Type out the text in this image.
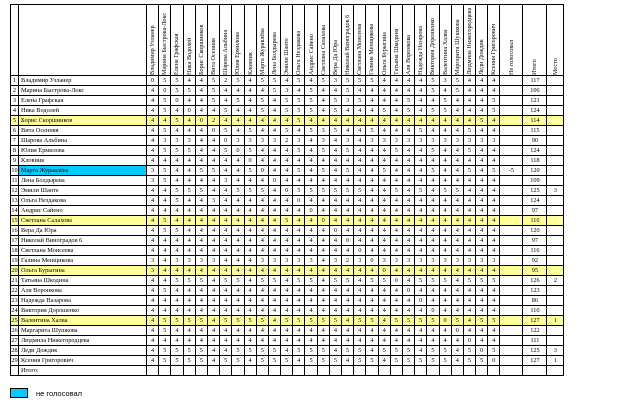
		Владимир Узланер	Марина Быстрова-Локс	Елена Графская	Ника Водолей	Борис Скоршинков	Вита Осенняя	Шарова Альбина	Юлия Ермилова	Кловник	Марта Журавлёва	Лена Болдырева	Эмили Шанте	Ольга Нездакова	Андрис Сайено	Светлана Салахова	Вера Да Юра	Николай Виноградов 6	Светлана Моисеева	Галина Менщикова	Ольга Бурыгина	Татьяна Шкодина	Аля Воронкова	Надежда Назарова	Виктория Дорошенко	Валентина Халва	Маргарита Шушкова	Людмила Нижегородцева	Леди Дождик	Ксения Григорович	Не голосовал	Итого	Место

1	Владимир Узланер	0	5	5	4	4	5	2	5	4	5	5	4	5	4	5	3	5	5	5	4	4	4	4	5	3	5	4	4	4		117	
2	Марина Быстрова-Локс	4	0	5	5	4	5	4	4	4	4	5	3	4	5	4	4	5	4	4	4	4	4	4	5	4	5	4	4	4		106	
3	Елена Графская	4	5	0	4	4	5	4	5	4	5	4	5	5	5	4	5	3	5	4	4	4	5	4	4	5	4	4	4	5		121	
4	Ника Водолей	4	5	4	0	4	4	5	4	4	5	4	5	5	5	4	5	4	4	4	5	4	5	4	5	5	4	4	4	5		124	
5	Борис Скоршинков	4	4	5	4	0	2	4	4	4	4	4	4	5	4	4	4	4	4	4	4	4	4	4	4	4	4	4	5	4		114	
6	Вита Осенняя	4	5	4	4	4	0	5	4	5	4	4	5	4	5	3	5	4	4	5	4	4	4	5	4	4	4	5	4	4		115	
7	Шарова Альбина	4	3	3	3	4	4	0	3	3	3	3	2	3	4	3	4	3	4	3	3	3	3	3	3	3	3	3	3	3		90	
8	Юлия Ермилова	4	5	5	5	4	4	5	0	5	4	4	4	5	4	5	4	5	4	4	4	5	4	4	5	4	4	5	4	4		124	
9	Кловник	4	4	4	4	4	4	4	4	0	4	4	4	4	4	4	4	4	4	4	4	4	4	4	4	4	4	4	4	4		118	
10	Марта Журавлёва	3	5	4	4	5	5	4	4	5	0	4	4	5	4	5	4	5	4	4	5	4	4	4	5	4	4	5	4	5	-5	120	
11	Лена Болдырева	3	5	4	4	4	4	3	4	4	4	0	4	4	4	4	4	4	4	4	4	4	4	4	4	4	4	4	4	4		109	
12	Эмили Шанте	4	4	5	5	5	4	4	5	5	5	4	0	5	5	5	5	5	5	4	4	5	4	5	4	5	5	4	4	4		125	3
13	Ольга Нездакова	4	4	5	4	4	3	4	4	4	4	4	4	0	4	4	4	4	4	4	4	4	4	4	4	4	4	4	4	4		124	
14	Андрис Сайено	4	4	4	4	4	4	4	4	4	4	4	4	4	0	4	4	4	4	4	4	4	4	4	4	4	4	4	4	4		97	
15	Светлана Салахова	4	5	4	4	4	4	4	4	4	4	4	5	4	4	0	4	4	4	4	4	4	4	4	4	4	4	4	4	4		116	
16	Вера Да Юра	4	5	5	4	4	4	4	4	4	4	4	4	4	4	4	0	4	4	4	4	4	4	4	4	4	4	4	4	4		120	
17	Николай Виноградов 6	4	4	4	4	4	4	4	4	4	4	4	4	4	4	4	4	0	4	4	4	4	4	4	4	4	4	4	4	4		97	
18	Светлана Моисеева	4	4	4	4	4	4	4	4	4	4	4	4	4	4	4	4	4	0	4	4	4	4	4	4	4	4	4	4	4		116	
19	Галина Менщикова	3	4	3	3	3	3	4	4	4	3	3	3	3	3	4	3	2	3	0	3	3	3	3	3	3	3	3	3	3		92	
20	Ольга Бурыгина	3	4	4	4	4	4	4	4	4	4	4	4	4	4	4	4	4	4	4	0	4	4	4	4	4	4	4	4	4		95	
21	Татьяна Шкодина	4	4	5	5	5	4	5	5	4	5	5	4	5	5	4	5	5	4	5	5	0	4	5	5	5	4	5	5	5		126	2
22	Аля Воронкова	4	5	4	4	4	4	4	4	4	4	4	4	4	4	4	4	4	4	4	4	4	0	4	4	4	4	4	4	4		123	
23	Надежда Назарова	4	4	4	4	4	4	4	4	4	4	4	4	4	4	4	4	4	4	4	4	4	4	0	4	4	4	4	4	4		86	
24	Виктория Дорошенко	4	4	4	4	4	4	4	4	4	4	4	4	4	4	4	4	4	4	4	4	4	4	4	0	4	4	4	4	4		110	
25	Валентина Халва	4	5	5	5	5	4	5	5	5	5	4	5	5	5	5	5	4	5	5	4	5	5	5	5	0	5	4	5	5		127	1
26	Маргарита Шушкова	4	5	4	4	4	4	4	4	4	4	4	4	4	4	4	4	4	4	4	4	4	4	4	4	4	0	4	4	4		122	
27	Людмила Нижегородцева	4	4	4	4	4	4	4	4	4	4	4	4	4	4	4	4	4	4	4	4	4	4	4	4	4	4	0	4	4		111	
28	Леди Дождик	4	5	5	5	5	4	4	5	5	5	5	4	5	5	5	4	5	5	4	5	5	5	4	5	5	4	5	0	5		125	3
29	Ксения Григорович	4	5	5	5	5	4	5	5	4	5	5	5	4	5	5	5	4	5	5	4	5	5	5	5	5	4	5	5	0		127	1
	Итого:																																
не голосовал
